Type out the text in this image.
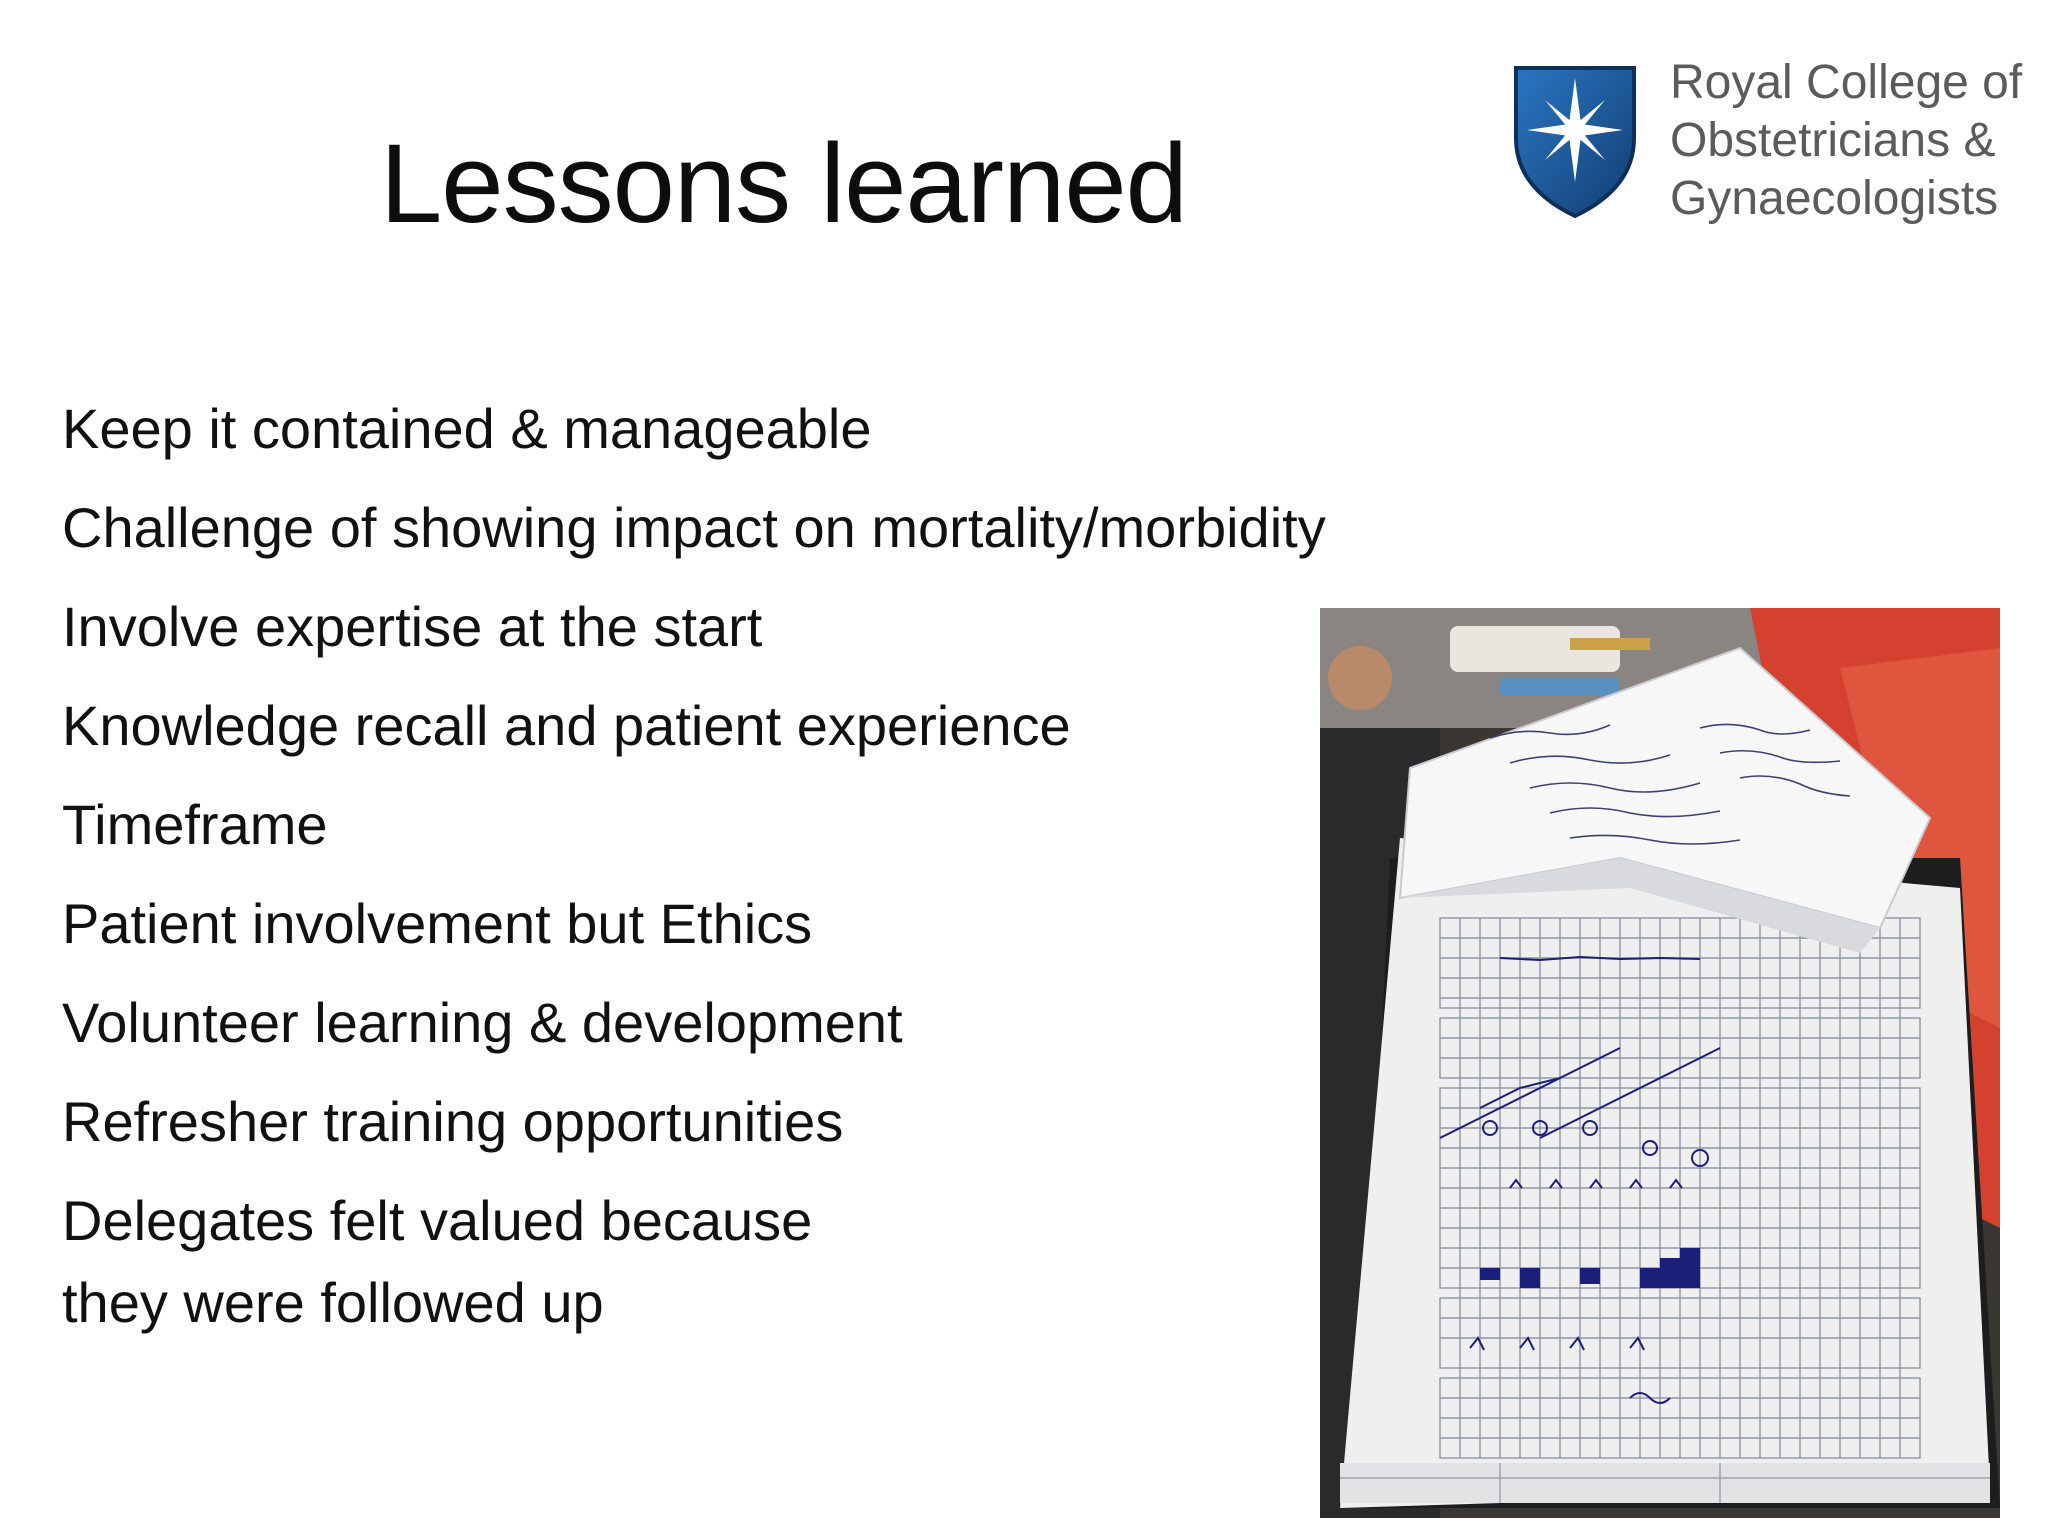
Lessons learned
Royal College of
Obstetricians &
Gynaecologists
Keep it contained & manageable
Challenge of showing impact on mortality/morbidity
Involve expertise at the start
Knowledge recall and patient experience
Timeframe
Patient involvement but Ethics
Volunteer learning & development
Refresher training opportunities
Delegates felt valued because
they were followed up
